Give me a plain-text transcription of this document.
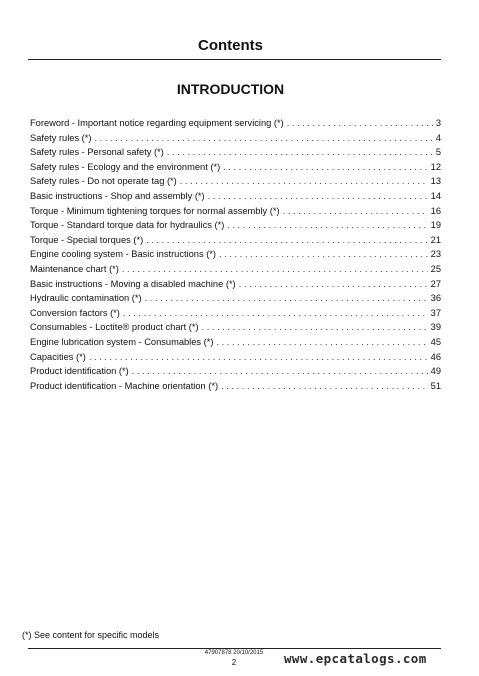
Contents
INTRODUCTION
Foreword - Important notice regarding equipment servicing (*) . . .	3
Safety rules (*) . . .	4
Safety rules - Personal safety (*) . . .	5
Safety rules - Ecology and the environment (*) . . .	12
Safety rules - Do not operate tag (*) . . .	13
Basic instructions - Shop and assembly (*) . . .	14
Torque - Minimum tightening torques for normal assembly (*) . . .	16
Torque - Standard torque data for hydraulics (*) . . .	19
Torque - Special torques (*) . . .	21
Engine cooling system - Basic instructions (*) . . .	23
Maintenance chart (*) . . .	25
Basic instructions - Moving a disabled machine (*) . . .	27
Hydraulic contamination (*) . . .	36
Conversion factors (*) . . .	37
Consumables - Loctite® product chart (*) . . .	39
Engine lubrication system - Consumables (*) . . .	45
Capacities (*) . . .	46
Product identification (*) . . .	49
Product identification - Machine orientation (*) . . .	51
(*) See content for specific models
47907878 20/10/2015
2	www.epcatalogs.com
